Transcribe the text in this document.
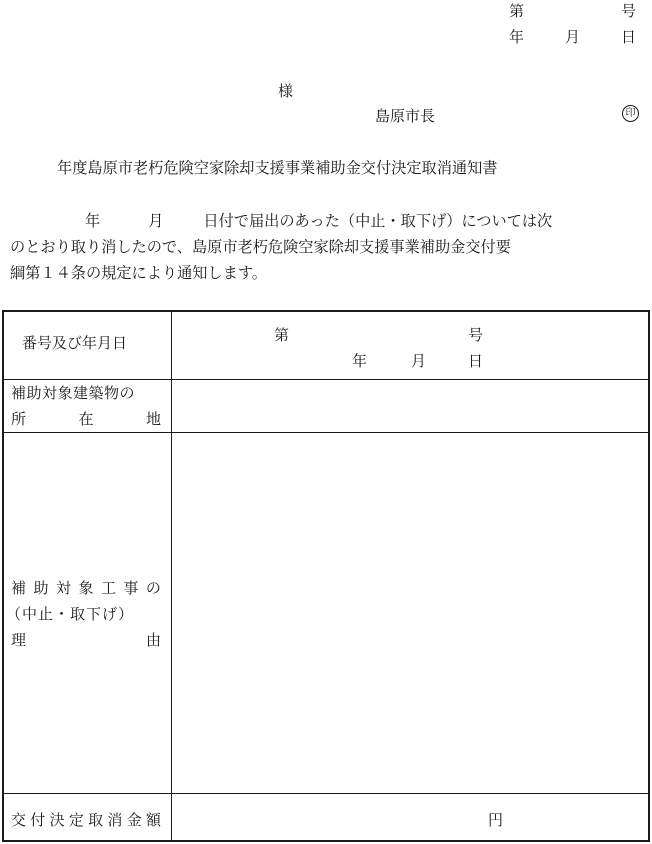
第	号
年	月	日
様
島原市長	印
年度島原市老朽危険空家除却支援事業補助金交付決定取消通知書
年	月	日付で届出のあった（中止・取下げ）については次
のとおり取り消したので、島原市老朽危険空家除却支援事業補助金交付要
綱第１４条の規定により通知します。
番号及び年月日	第	号
年	月	日
補助対象建築物の
所	在	地
補 助 対 象 工 事 の
（中止・取下げ）
理	由
交 付 決 定 取 消 金 額	円
